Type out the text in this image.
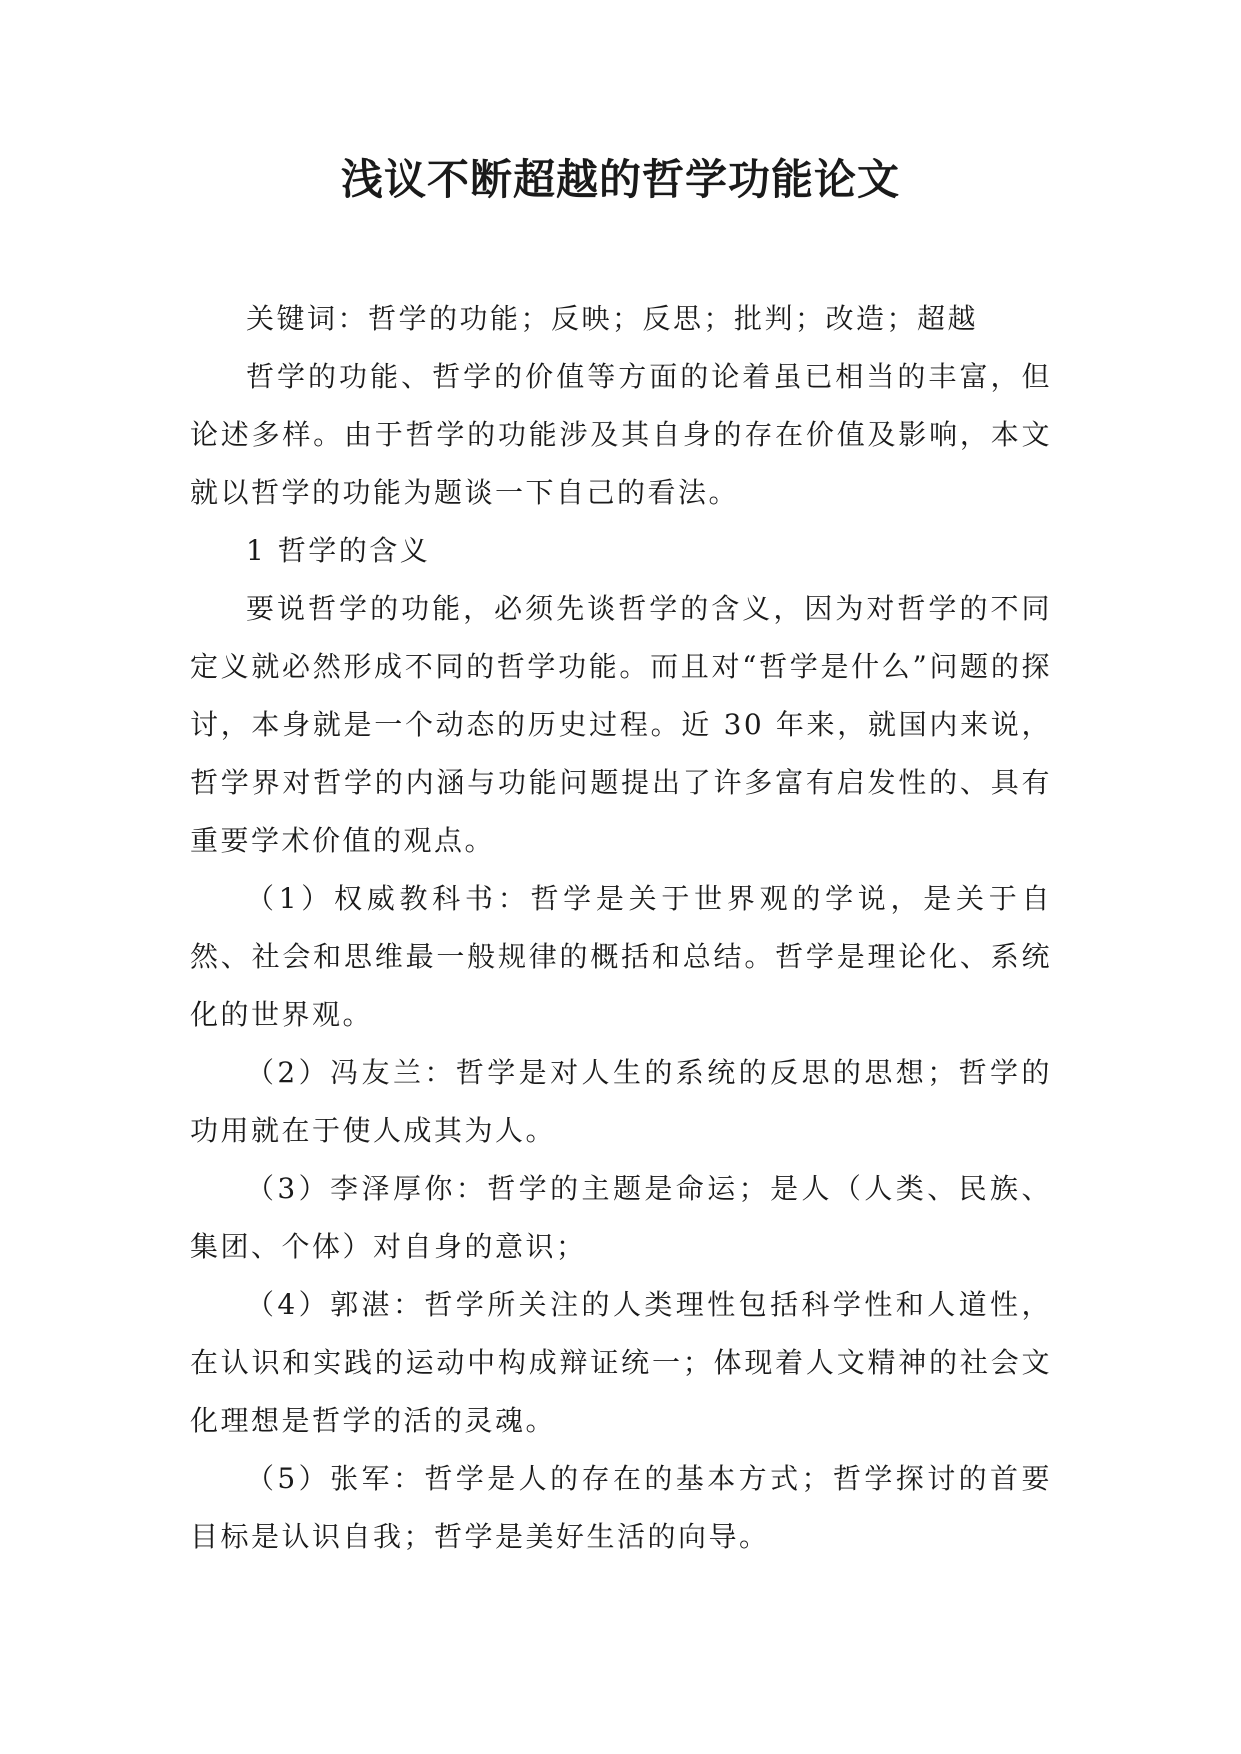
浅议不断超越的哲学功能论文

关键词：哲学的功能；反映；反思；批判；改造；超越

哲学的功能、哲学的价值等方面的论着虽已相当的丰富，但论述多样。由于哲学的功能涉及其自身的存在价值及影响，本文就以哲学的功能为题谈一下自己的看法。

1 哲学的含义

要说哲学的功能，必须先谈哲学的含义，因为对哲学的不同定义就必然形成不同的哲学功能。而且对“哲学是什么”问题的探讨，本身就是一个动态的历史过程。近 30 年来，就国内来说，哲学界对哲学的内涵与功能问题提出了许多富有启发性的、具有重要学术价值的观点。

（1）权威教科书：哲学是关于世界观的学说，是关于自然、社会和思维最一般规律的概括和总结。哲学是理论化、系统化的世界观。

（2）冯友兰：哲学是对人生的系统的反思的思想；哲学的功用就在于使人成其为人。

（3）李泽厚你：哲学的主题是命运；是人（人类、民族、集团、个体）对自身的意识；

（4）郭湛：哲学所关注的人类理性包括科学性和人道性，在认识和实践的运动中构成辩证统一；体现着人文精神的社会文化理想是哲学的活的灵魂。

（5）张军：哲学是人的存在的基本方式；哲学探讨的首要目标是认识自我；哲学是美好生活的向导。
